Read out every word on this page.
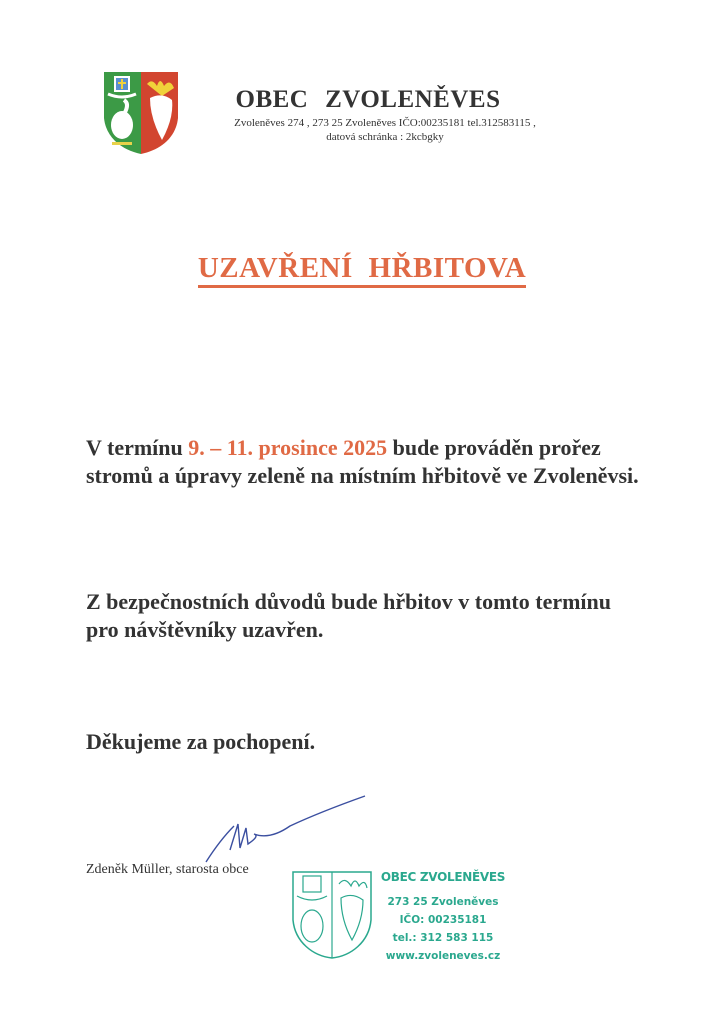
OBEC ZVOLENĚVES
Zvoleněves 274 , 273 25 Zvoleněves IČO:00235181 tel.312583115 ,
datová schránka : 2kcbgky
UZAVŘENÍ HŘBITOVA
V termínu 9. – 11. prosince 2025 bude prováděn prořez stromů a úpravy zeleně na místním hřbitově ve Zvoleněvsi.
Z bezpečnostních důvodů bude hřbitov v tomto termínu pro návštěvníky uzavřen.
Děkujeme za pochopení.
Zdeněk Müller, starosta obce	OBEC ZVOLENĚVES
273 25 Zvoleněves
IČO: 00235181
tel.: 312 583 115
www.zvoleneves.cz
